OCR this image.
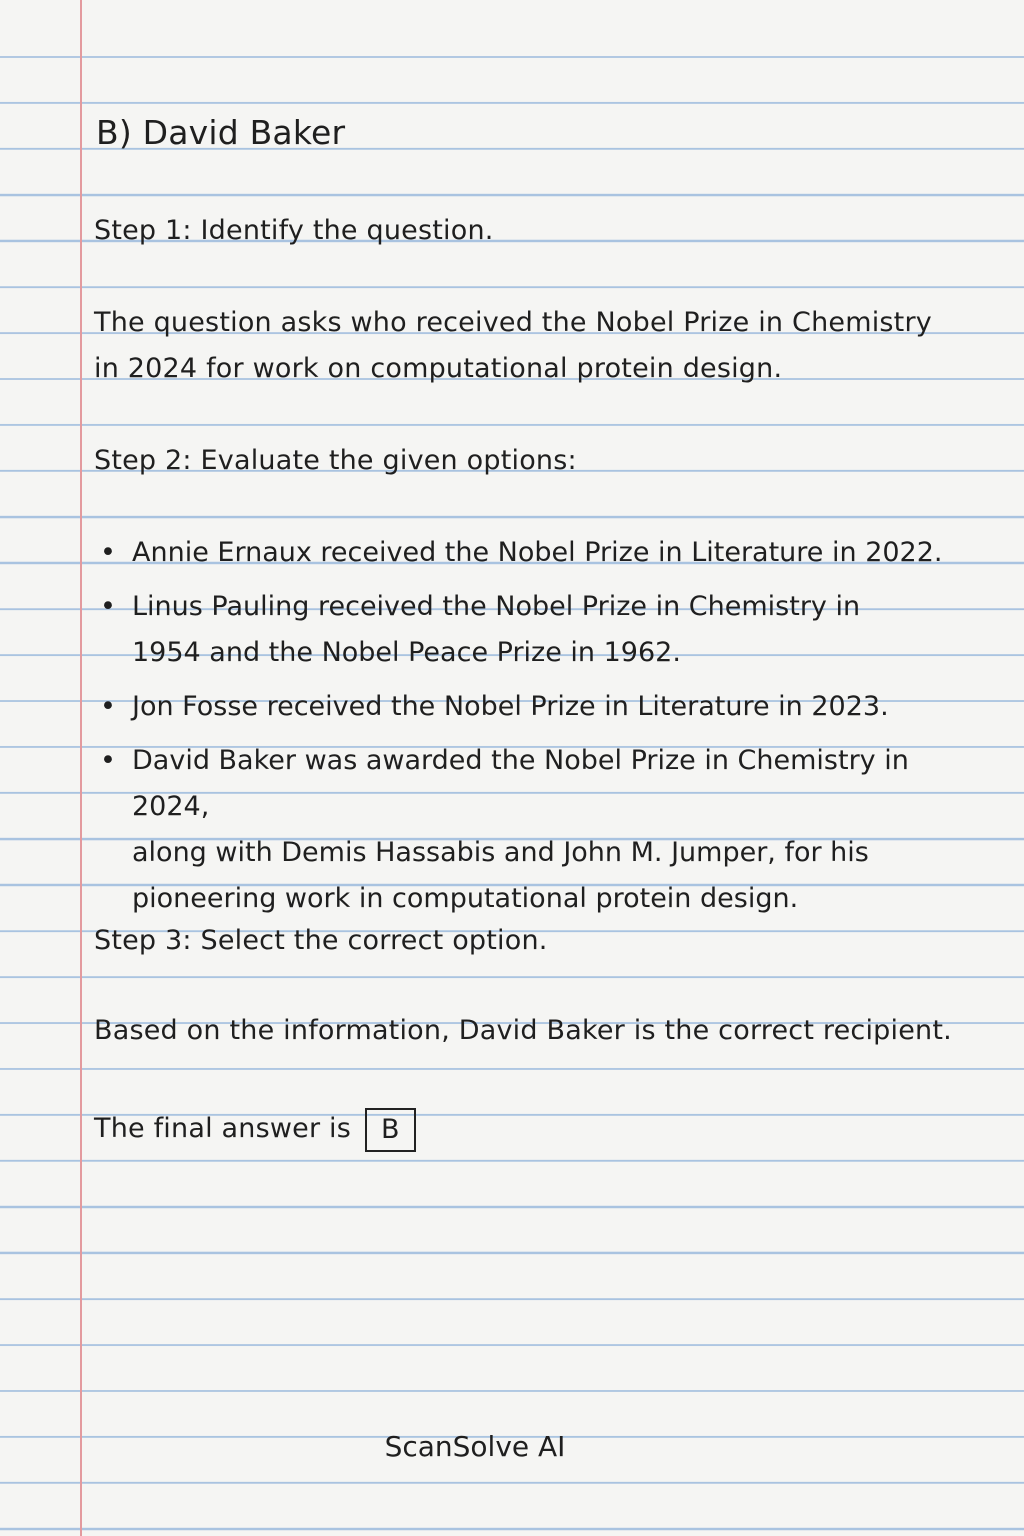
B) David Baker
Step 1: Identify the question.
The question asks who received the Nobel Prize in Chemistry
in 2024 for work on computational protein design.
Step 2: Evaluate the given options:
• Annie Ernaux received the Nobel Prize in Literature in 2022.
• Linus Pauling received the Nobel Prize in Chemistry in
1954 and the Nobel Peace Prize in 1962.
• Jon Fosse received the Nobel Prize in Literature in 2023.
• David Baker was awarded the Nobel Prize in Chemistry in 2024,
along with Demis Hassabis and John M. Jumper, for his
pioneering work in computational protein design.
Step 3: Select the correct option.
Based on the information, David Baker is the correct recipient.
The final answer is B
ScanSolve AI
